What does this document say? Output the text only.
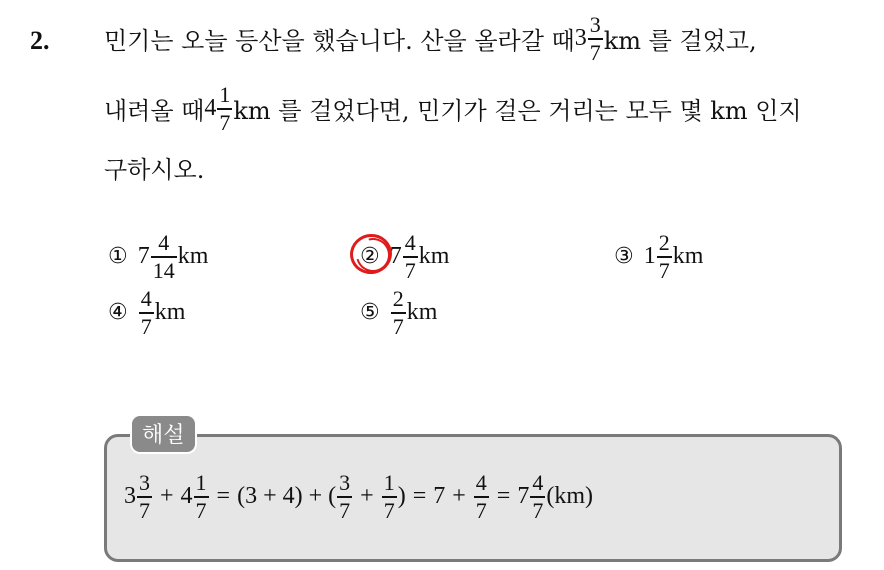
2. 민기는 오늘 등산을 했습니다. 산을 올라갈 때 $3 \frac{3}{7}$ km 를 걸었고,
내려올 때 $4 \frac{1}{7}$ km 를 걸었다면, 민기가 걸은 거리는 모두 몇 km 인지
구하시오.
① $7 \frac{4}{14}$ km	② $7 \frac{4}{7}$ km	③ $1 \frac{2}{7}$ km
④ $\frac{4}{7}$ km	⑤ $\frac{2}{7}$ km
해설
$3 \frac{3}{7} + 4 \frac{1}{7} = (3 + 4)$ + ( $\frac{3}{7} + \frac{1}{7}$ ) = $7 + \frac{4}{7} = 7 \frac{4}{7} (km)$
